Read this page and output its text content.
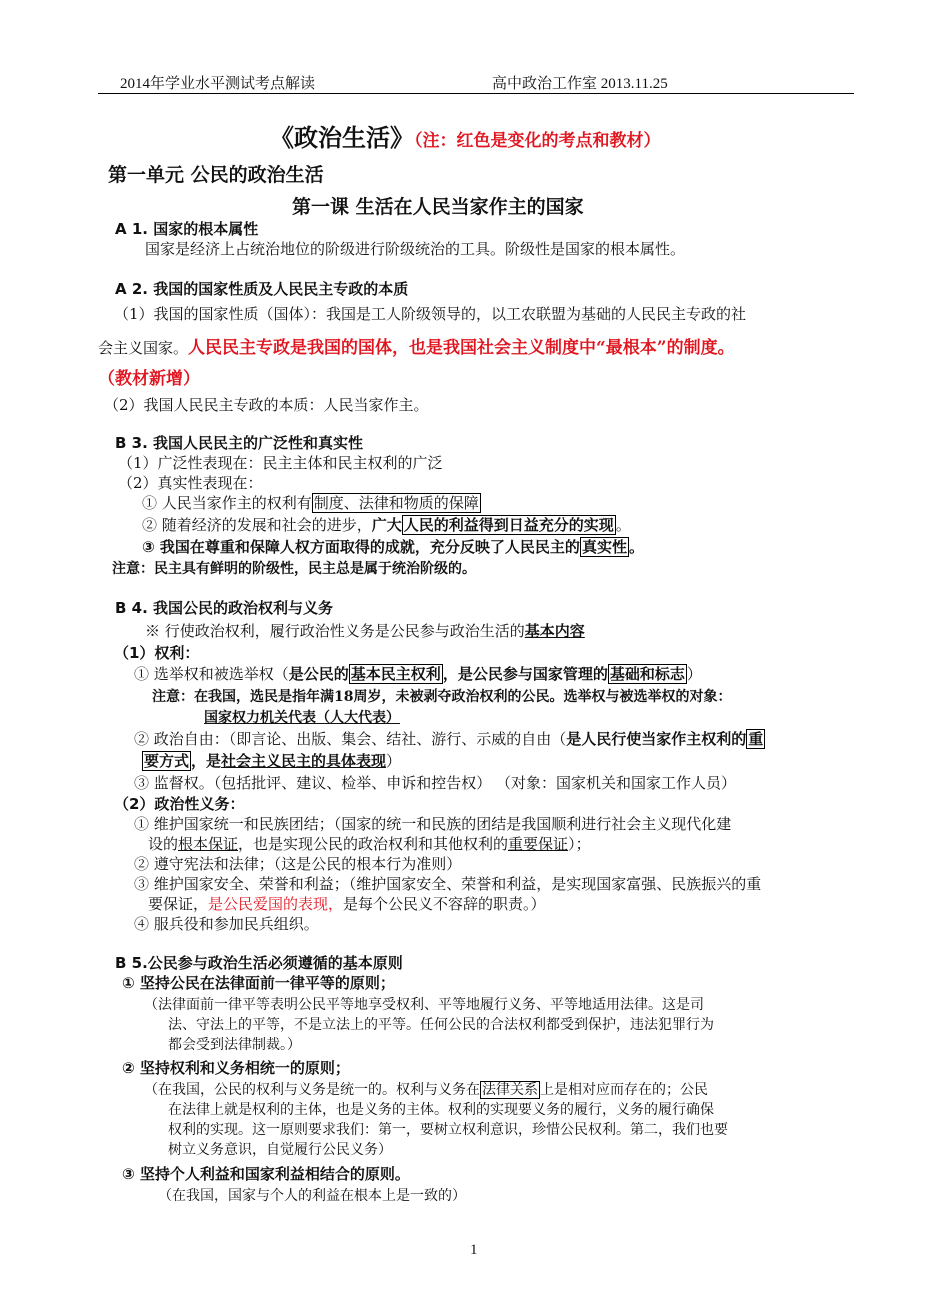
2014年学业水平测试考点解读	高中政治工作室 2013.11.25
《政治生活》（注：红色是变化的考点和教材）
第一单元 公民的政治生活
第一课 生活在人民当家作主的国家
A 1. 国家的根本属性
国家是经济上占统治地位的阶级进行阶级统治的工具。阶级性是国家的根本属性。
A 2. 我国的国家性质及人民民主专政的本质
（1）我国的国家性质（国体）：我国是工人阶级领导的，以工农联盟为基础的人民民主专政的社
会主义国家。人民民主专政是我国的国体，也是我国社会主义制度中“最根本”的制度。
（教材新增）
（2）我国人民民主专政的本质：人民当家作主。
B 3. 我国人民民主的广泛性和真实性
（1）广泛性表现在：民主主体和民主权利的广泛
（2）真实性表现在：
① 人民当家作主的权利有 制度、法律和物质的保障
② 随着经济的发展和社会的进步，广大 人民的利益得到日益充分的实现 。
③ 我国在尊重和保障人权方面取得的成就，充分反映了人民民主的 真实性 。
注意：民主具有鲜明的阶级性，民主总是属于统治阶级的。
B 4. 我国公民的政治权利与义务
※ 行使政治权利，履行政治性义务是公民参与政治生活的基本内容
（1）权利：
① 选举权和被选举权（是公民的 基本民主权利 ，是公民参与国家管理的 基础和标志 ）
注意：在我国，选民是指年满18周岁，未被剥夺政治权利的公民。选举权与被选举权的对象：
国家权力机关代表（人大代表）
② 政治自由：（即言论、出版、集会、结社、游行、示威的自由（是人民行使当家作主权利的 重
要方式 ，是社会主义民主的具体表现）
③ 监督权。（包括批评、建议、检举、申诉和控告权） （对象：国家机关和国家工作人员）
（2）政治性义务：
① 维护国家统一和民族团结；（国家的统一和民族的团结是我国顺利进行社会主义现代化建
设的根本保证，也是实现公民的政治权利和其他权利的重要保证）；
② 遵守宪法和法律；（这是公民的根本行为准则）
③ 维护国家安全、荣誉和利益；（维护国家安全、荣誉和利益，是实现国家富强、民族振兴的重
要保证，是公民爱国的表现，是每个公民义不容辞的职责。）
④ 服兵役和参加民兵组织。
B 5.公民参与政治生活必须遵循的基本原则
① 坚持公民在法律面前一律平等的原则；
（法律面前一律平等表明公民平等地享受权利、平等地履行义务、平等地适用法律。这是司
法、守法上的平等，不是立法上的平等。任何公民的合法权利都受到保护，违法犯罪行为
都会受到法律制裁。）
② 坚持权利和义务相统一的原则；
（在我国，公民的权利与义务是统一的。权利与义务在 法律关系 上是相对应而存在的；公民
在法律上就是权利的主体，也是义务的主体。权利的实现要义务的履行，义务的履行确保
权利的实现。这一原则要求我们：第一，要树立权利意识，珍惜公民权利。第二，我们也要
树立义务意识，自觉履行公民义务）
③ 坚持个人利益和国家利益相结合的原则。
（在我国，国家与个人的利益在根本上是一致的）
1
